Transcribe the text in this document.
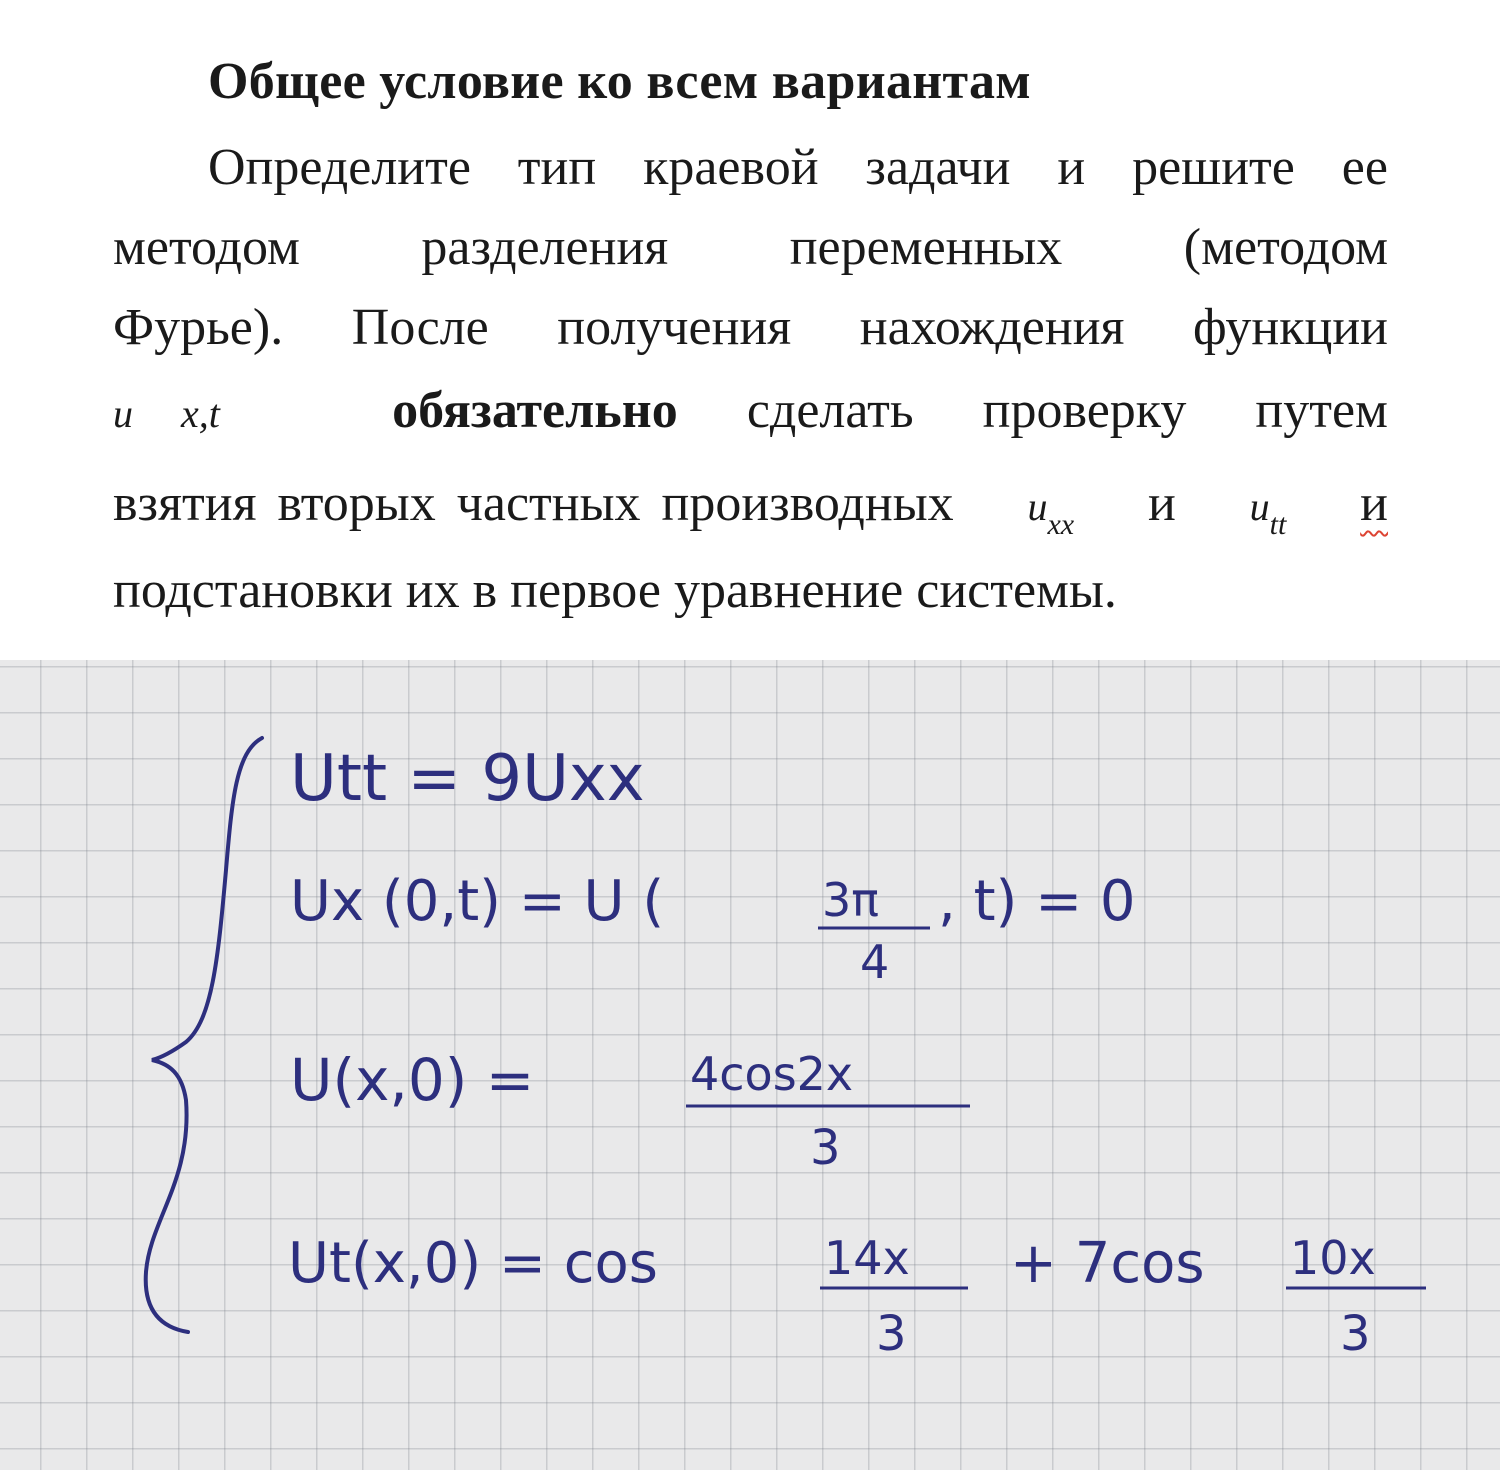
Общее условие ко всем вариантам
Определите тип краевой задачи и решите ее
методом разделения переменных (методом
Фурье). После получения нахождения функции
u x,t	обязательно сделать проверку путем
взятия вторых частных производных $u_{xx}$ и $u_{tt}$ и
подстановки их в первое уравнение системы.
Utt = 9Uxx
Ux (0,t) = U (	3π
4
, t) = 0
U(x,0) =	4cos2x
3
Ut(x,0) = cos	14x
3
+ 7cos 10x
3
